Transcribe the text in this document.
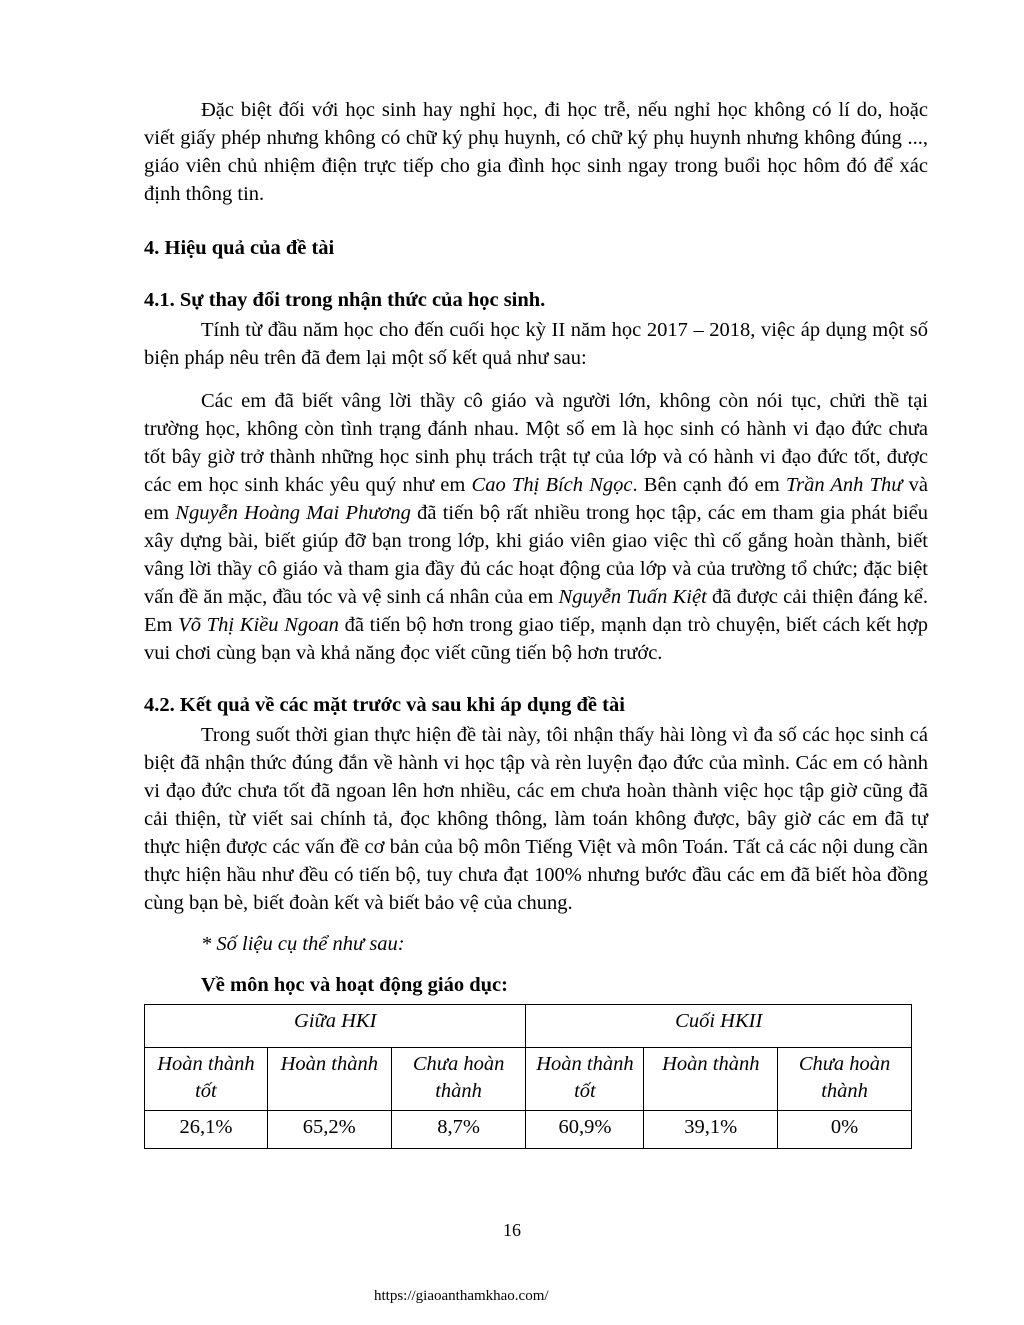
Đặc biệt đối với học sinh hay nghỉ học, đi học trễ, nếu nghỉ học không có lí do, hoặc viết giấy phép nhưng không có chữ ký phụ huynh, có chữ ký phụ huynh nhưng không đúng ..., giáo viên chủ nhiệm điện trực tiếp cho gia đình học sinh ngay trong buổi học hôm đó để xác định thông tin.

4. Hiệu quả của đề tài

4.1. Sự thay đổi trong nhận thức của học sinh.

Tính từ đầu năm học cho đến cuối học kỳ II năm học 2017 – 2018, việc áp dụng một số biện pháp nêu trên đã đem lại một số kết quả như sau:

Các em đã biết vâng lời thầy cô giáo và người lớn, không còn nói tục, chửi thề tại trường học, không còn tình trạng đánh nhau. Một số em là học sinh có hành vi đạo đức chưa tốt bây giờ trở thành những học sinh phụ trách trật tự của lớp và có hành vi đạo đức tốt, được các em học sinh khác yêu quý như em Cao Thị Bích Ngọc. Bên cạnh đó em Trần Anh Thư và em Nguyễn Hoàng Mai Phương đã tiến bộ rất nhiều trong học tập, các em tham gia phát biểu xây dựng bài, biết giúp đỡ bạn trong lớp, khi giáo viên giao việc thì cố gắng hoàn thành, biết vâng lời thầy cô giáo và tham gia đầy đủ các hoạt động của lớp và của trường tổ chức; đặc biệt vấn đề ăn mặc, đầu tóc và vệ sinh cá nhân của em Nguyễn Tuấn Kiệt đã được cải thiện đáng kể. Em Võ Thị Kiều Ngoan đã tiến bộ hơn trong giao tiếp, mạnh dạn trò chuyện, biết cách kết hợp vui chơi cùng bạn và khả năng đọc viết cũng tiến bộ hơn trước.

4.2. Kết quả về các mặt trước và sau khi áp dụng đề tài

Trong suốt thời gian thực hiện đề tài này, tôi nhận thấy hài lòng vì đa số các học sinh cá biệt đã nhận thức đúng đắn về hành vi học tập và rèn luyện đạo đức của mình. Các em có hành vi đạo đức chưa tốt đã ngoan lên hơn nhiều, các em chưa hoàn thành việc học tập giờ cũng đã cải thiện, từ viết sai chính tả, đọc không thông, làm toán không được, bây giờ các em đã tự thực hiện được các vấn đề cơ bản của bộ môn Tiếng Việt và môn Toán. Tất cả các nội dung cần thực hiện hầu như đều có tiến bộ, tuy chưa đạt 100% nhưng bước đầu các em đã biết hòa đồng cùng bạn bè, biết đoàn kết và biết bảo vệ của chung.

* Số liệu cụ thể như sau:

Về môn học và hoạt động giáo dục:

Giữa HKI			Cuối HKII		
Hoàn thành tốt	Hoàn thành	Chưa hoàn thành	Hoàn thành tốt	Hoàn thành	Chưa hoàn thành
26,1%	65,2%	8,7%	60,9%	39,1%	0%
16
https://giaoanthamkhao.com/
